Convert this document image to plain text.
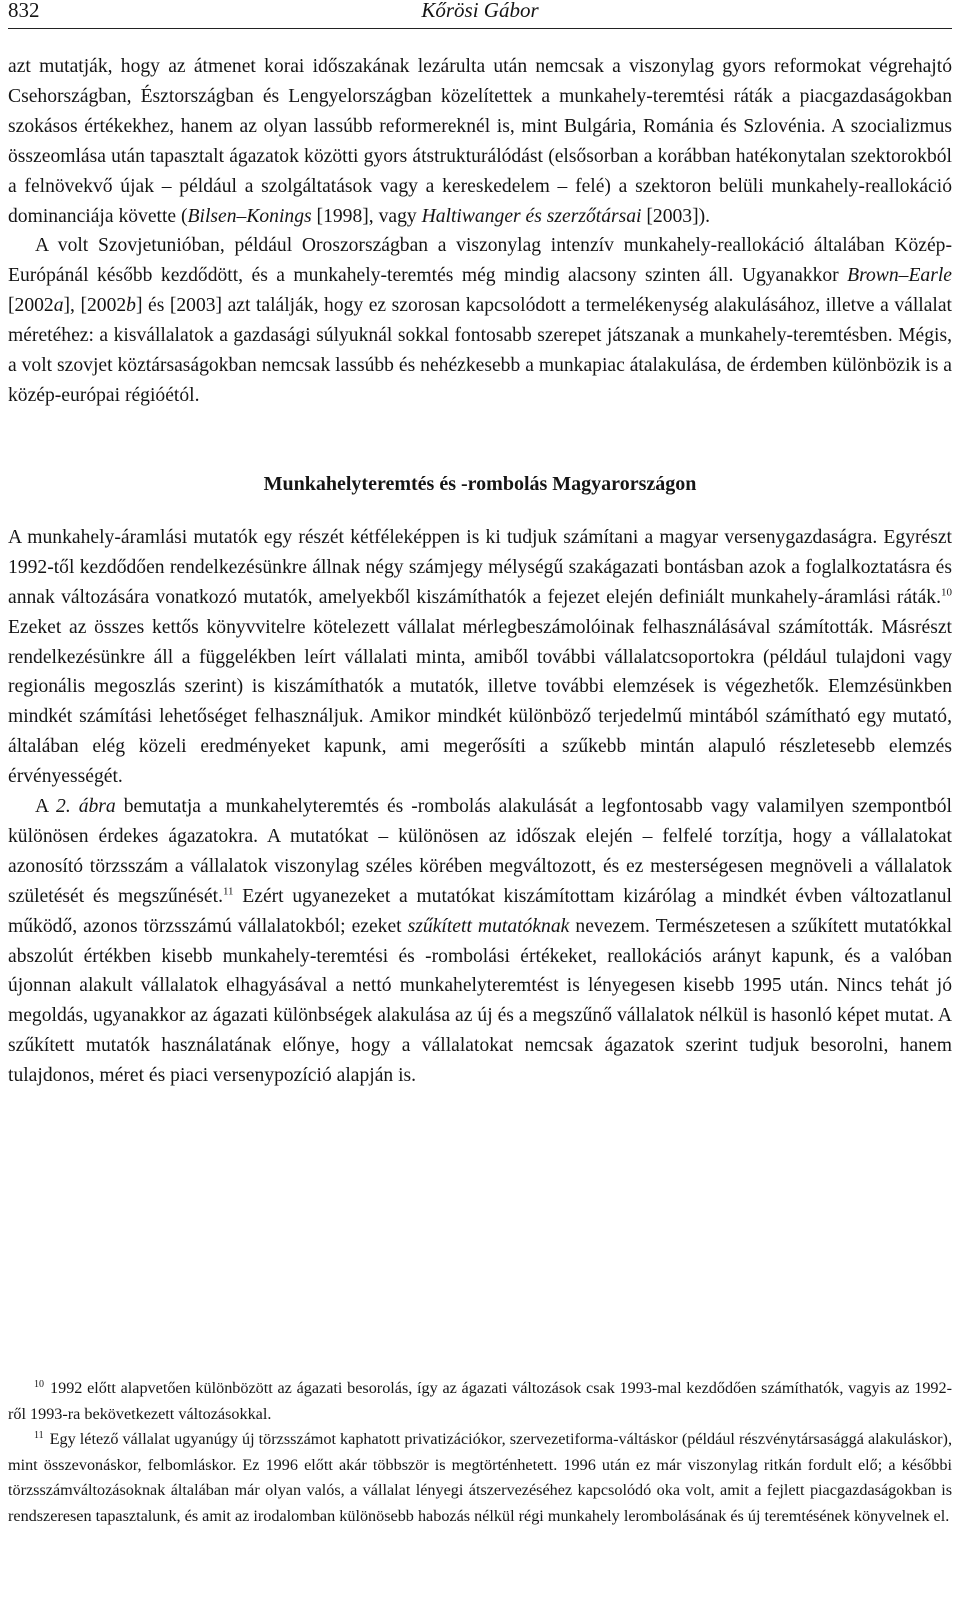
832	Kőrösi Gábor

azt mutatják, hogy az átmenet korai időszakának lezárulta után nemcsak a viszonylag gyors reformokat végrehajtó Csehországban, Észtországban és Lengyelországban közelítettek a munkahely-teremtési ráták a piacgazdaságokban szokásos értékekhez, hanem az olyan lassúbb reformereknél is, mint Bulgária, Románia és Szlovénia. A szocializmus összeomlása után tapasztalt ágazatok közötti gyors átstrukturálódást (elsősorban a korábban hatékonytalan szektorokból a felnövekvő újak – például a szolgáltatások vagy a kereskedelem – felé) a szektoron belüli munkahely-reallokáció dominanciája követte (Bilsen–Konings [1998], vagy Haltiwanger és szerzőtársai [2003]).

A volt Szovjetunióban, például Oroszországban a viszonylag intenzív munkahely-reallokáció általában Közép-Európánál később kezdődött, és a munkahely-teremtés még mindig alacsony szinten áll. Ugyanakkor Brown–Earle [2002a], [2002b] és [2003] azt találják, hogy ez szorosan kapcsolódott a termelékenység alakulásához, illetve a vállalat méretéhez: a kisvállalatok a gazdasági súlyuknál sokkal fontosabb szerepet játszanak a munkahely-teremtésben. Mégis, a volt szovjet köztársaságokban nemcsak lassúbb és nehézkesebb a munkapiac átalakulása, de érdemben különbözik is a közép-európai régióétól.

Munkahelyteremtés és -rombolás Magyarországon

A munkahely-áramlási mutatók egy részét kétféleképpen is ki tudjuk számítani a magyar versenygazdaságra. Egyrészt 1992-től kezdődően rendelkezésünkre állnak négy számjegy mélységű szakágazati bontásban azok a foglalkoztatásra és annak változására vonatkozó mutatók, amelyekből kiszámíthatók a fejezet elején definiált munkahely-áramlási ráták.$^{10}$ Ezeket az összes kettős könyvvitelre kötelezett vállalat mérlegbeszámolóinak felhasználásával számították. Másrészt rendelkezésünkre áll a függelékben leírt vállalati minta, amiből további vállalatcsoportokra (például tulajdoni vagy regionális megoszlás szerint) is kiszámíthatók a mutatók, illetve további elemzések is végezhetők. Elemzésünkben mindkét számítási lehetőséget felhasználjuk. Amikor mindkét különböző terjedelmű mintából számítható egy mutató, általában elég közeli eredményeket kapunk, ami megerősíti a szűkebb mintán alapuló részletesebb elemzés érvényességét.

A 2. ábra bemutatja a munkahelyteremtés és -rombolás alakulását a legfontosabb vagy valamilyen szempontból különösen érdekes ágazatokra. A mutatókat – különösen az időszak elején – felfelé torzítja, hogy a vállalatokat azonosító törzsszám a vállalatok viszonylag széles körében megváltozott, és ez mesterségesen megnöveli a vállalatok születését és megszűnését.$^{11}$ Ezért ugyanezeket a mutatókat kiszámítottam kizárólag a mindkét évben változatlanul működő, azonos törzsszámú vállalatokból; ezeket szűkített mutatóknak nevezem. Természetesen a szűkített mutatókkal abszolút értékben kisebb munkahely-teremtési és -rombolási értékeket, reallokációs arányt kapunk, és a valóban újonnan alakult vállalatok elhagyásával a nettó munkahelyteremtést is lényegesen kisebb 1995 után. Nincs tehát jó megoldás, ugyanakkor az ágazati különbségek alakulása az új és a megszűnő vállalatok nélkül is hasonló képet mutat. A szűkített mutatók használatának előnye, hogy a vállalatokat nemcsak ágazatok szerint tudjuk besorolni, hanem tulajdonos, méret és piaci versenypozíció alapján is.

$^{10}$ 1992 előtt alapvetően különbözött az ágazati besorolás, így az ágazati változások csak 1993-mal kezdődően számíthatók, vagyis az 1992-ről 1993-ra bekövetkezett változásokkal.

$^{11}$ Egy létező vállalat ugyanúgy új törzsszámot kaphatott privatizációkor, szervezetiforma-váltáskor (például részvénytársasággá alakuláskor), mint összevonáskor, felbomláskor. Ez 1996 előtt akár többször is megtörténhetett. 1996 után ez már viszonylag ritkán fordult elő; a későbbi törzsszámváltozásoknak általában már olyan valós, a vállalat lényegi átszervezéséhez kapcsolódó oka volt, amit a fejlett piacgazdaságokban is rendszeresen tapasztalunk, és amit az irodalomban különösebb habozás nélkül régi munkahely lerombolásának és új teremtésének könyvelnek el.
